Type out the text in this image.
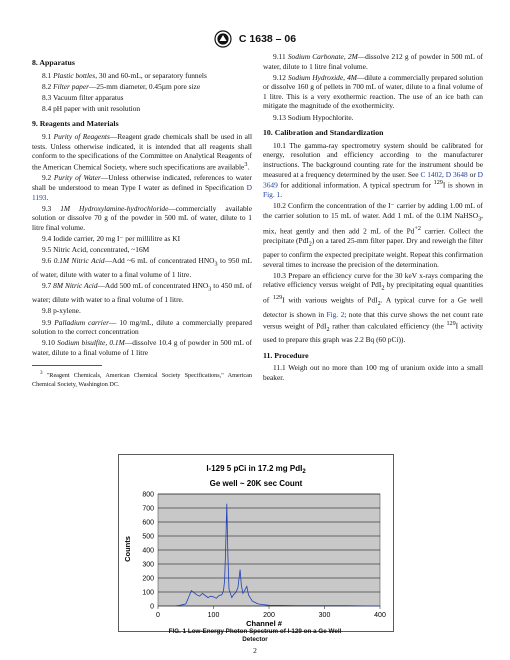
C 1638 – 06
8. Apparatus

8.1 Plastic bottles, 30 and 60-mL, or separatory funnels

8.2 Filter paper—25-mm diameter, 0.45µm pore size

8.3 Vacuum filter apparatus

8.4 pH paper with unit resolution

9. Reagents and Materials

9.1 Purity of Reagents—Reagent grade chemicals shall be used in all tests. Unless otherwise indicated, it is intended that all reagents shall conform to the specifications of the Committee on Analytical Reagents of the American Chemical Society, where such specifications are available$^3$.

9.2 Purity of Water—Unless otherwise indicated, references to water shall be understood to mean Type I water as defined in Specification D 1193.

9.3 1M Hydroxylamine-hydrochloride—commercially available solution or dissolve 70 g of the powder in 500 mL of water, dilute to 1 litre final volume.

9.4 Iodide carrier, 20 mg I⁻ per millilitre as KI

9.5 Nitric Acid, concentrated, ~16M

9.6 0.1M Nitric Acid—Add ~6 mL of concentrated $HNO_3$ to 950 mL of water, dilute with water to a final volume of 1 litre.

9.7 8M Nitric Acid—Add 500 mL of concentrated $HNO_3$ to 450 mL of water; dilute with water to a final volume of 1 litre.

9.8 p-xylene.

9.9 Palladium carrier— 10 mg/mL, dilute a commercially prepared solution to the correct concentration

9.10 Sodium bisulfite, 0.1M—dissolve 10.4 g of powder in 500 mL of water, dilute to a final volume of 1 litre

$^3$ "Reagent Chemicals, American Chemical Society Specifications," American Chemical Society, Washington DC.

9.11 Sodium Carbonate, 2M—dissolve 212 g of powder in 500 mL of water, dilute to 1 litre final volume.

9.12 Sodium Hydroxide, 4M—dilute a commercially prepared solution or dissolve 160 g of pellets in 700 mL of water, dilute to a final volume of 1 litre. This is a very exothermic reaction. The use of an ice bath can mitigate the magnitude of the exothermicity.

9.13 Sodium Hypochlorite.

10. Calibration and Standardization

10.1 The gamma-ray spectrometry system should be calibrated for energy, resolution and efficiency according to the manufacturer instructions. The background counting rate for the instrument should be measured at a frequency determined by the user. See C 1402, D 3648 or D 3649 for additional information. A typical spectrum for $^{129}$I is shown in Fig. 1.

10.2 Confirm the concentration of the I⁻ carrier by adding 1.00 mL of the carrier solution to 15 mL of water. Add 1 mL of the 0.1M NaHSO$_3$, mix, heat gently and then add 2 mL of the $Pd^{+2}$ carrier. Collect the precipitate (PdI$_2$) on a tared 25-mm filter paper. Dry and reweigh the filter paper to confirm the expected precipitate weight. Repeat this confirmation several times to increase the precision of the determination.

10.3 Prepare an efficiency curve for the 30 keV x-rays comparing the relative efficiency versus weight of PdI$_2$ by precipitating equal quantities of $^{129}$I with various weights of PdI$_2$. A typical curve for a Ge well detector is shown in Fig. 2; note that this curve shows the net count rate versus weight of PdI$_2$ rather than calculated efficiency (the $^{129}$I activity used to prepare this graph was 2.2 Bq (60 pCi)).

11. Procedure

11.1 Weigh out no more than 100 mg of uranium oxide into a small beaker.

I-129 5 pCi in 17.2 mg PdI$_2$
Ge well ~ 20K sec Count
0
100
200
300
400
500
600
700
800
0	100	200	300	400
Counts
Channel #
FIG. 1 Low-Energy Photon Spectrum of I-129 on a Ge Well
Detector
2
